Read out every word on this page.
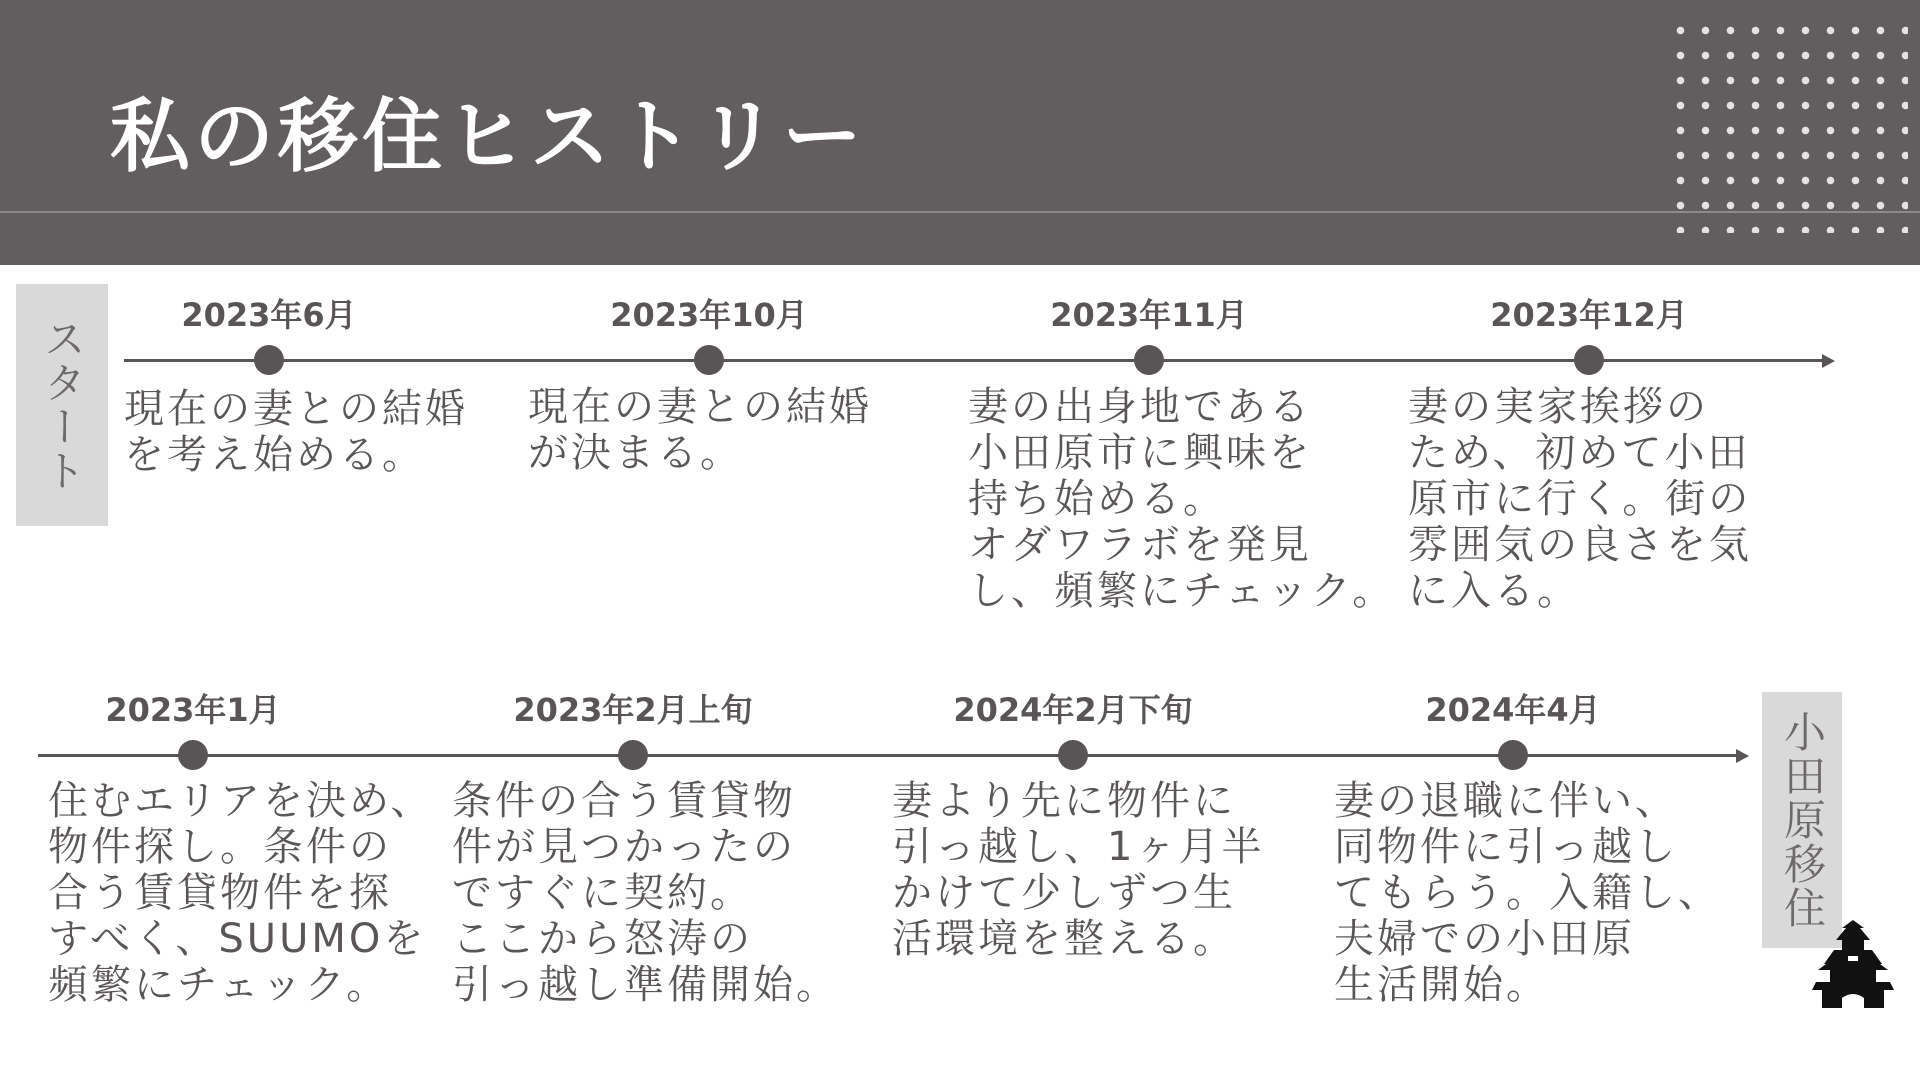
私の移住ヒストリー
スタート
小田原移住
2023年6月
現在の妻との結婚
を考え始める。
2023年10月
現在の妻との結婚
が決まる。
2023年11月
妻の出身地である
小田原市に興味を
持ち始める。
オダワラボを発見
し、頻繁にチェック。
2023年12月
妻の実家挨拶の
ため、初めて小田
原市に行く。街の
雰囲気の良さを気
に入る。
2023年1月
住むエリアを決め、
物件探し。条件の
合う賃貸物件を探
すべく、SUUMOを
頻繁にチェック。
2023年2月上旬
条件の合う賃貸物
件が見つかったの
ですぐに契約。
ここから怒涛の
引っ越し準備開始。
2024年2月下旬
妻より先に物件に
引っ越し、1ヶ月半
かけて少しずつ生
活環境を整える。
2024年4月
妻の退職に伴い、
同物件に引っ越し
てもらう。入籍し、
夫婦での小田原
生活開始。
